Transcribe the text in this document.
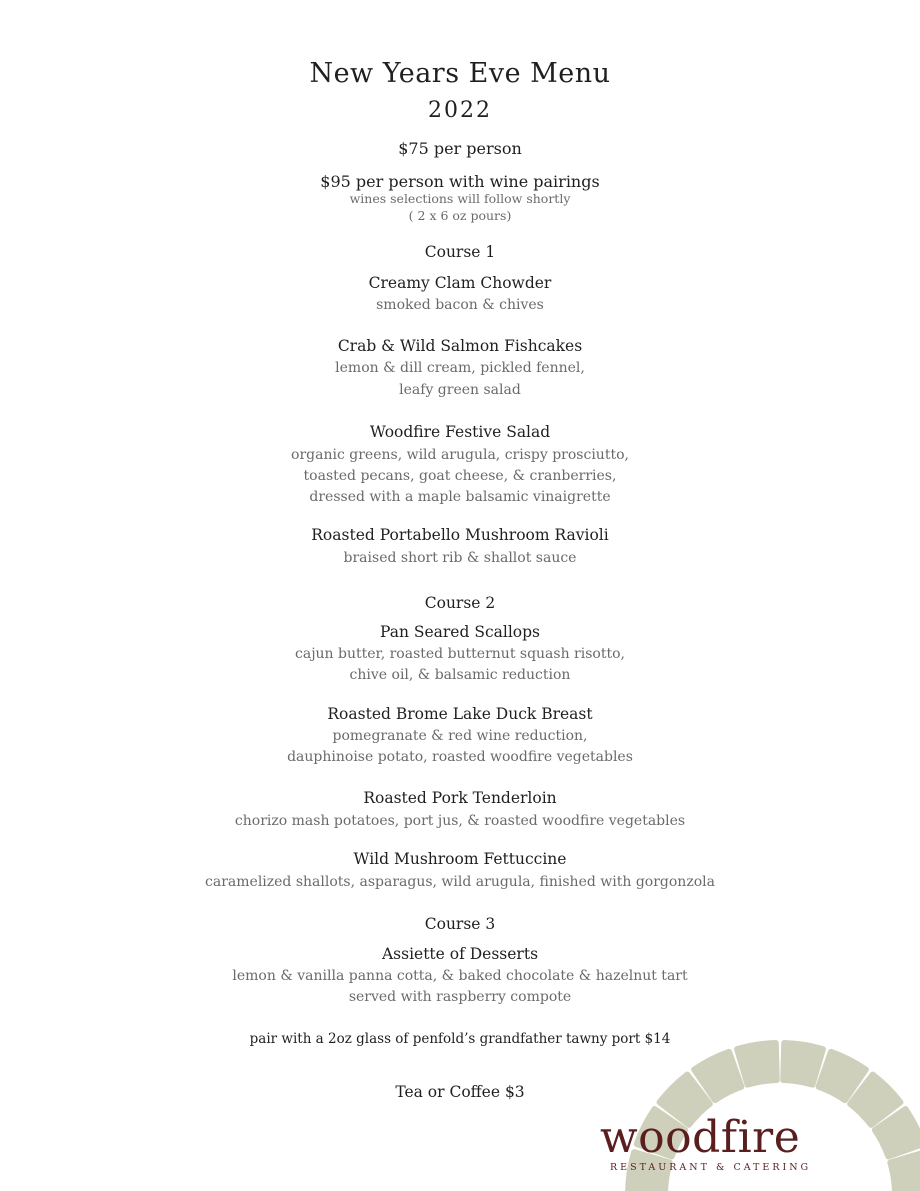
New Years Eve Menu
2022
$75 per person
$95 per person with wine pairings
wines selections will follow shortly
( 2 x 6 oz pours)
Course 1
Creamy Clam Chowder
smoked bacon & chives
Crab & Wild Salmon Fishcakes
lemon & dill cream, pickled fennel,
leafy green salad
Woodfire Festive Salad
organic greens, wild arugula, crispy prosciutto,
toasted pecans, goat cheese, & cranberries,
dressed with a maple balsamic vinaigrette
Roasted Portabello Mushroom Ravioli
braised short rib & shallot sauce
Course 2
Pan Seared Scallops
cajun butter, roasted butternut squash risotto,
chive oil, & balsamic reduction
Roasted Brome Lake Duck Breast
pomegranate & red wine reduction,
dauphinoise potato, roasted woodfire vegetables
Roasted Pork Tenderloin
chorizo mash potatoes, port jus, & roasted woodfire vegetables
Wild Mushroom Fettuccine
caramelized shallots, asparagus, wild arugula, finished with gorgonzola
Course 3
Assiette of Desserts
lemon & vanilla panna cotta, & baked chocolate & hazelnut tart
served with raspberry compote
pair with a 2oz glass of penfold’s grandfather tawny port $14
Tea or Coffee $3
woodfire
RESTAURANT & CATERING
